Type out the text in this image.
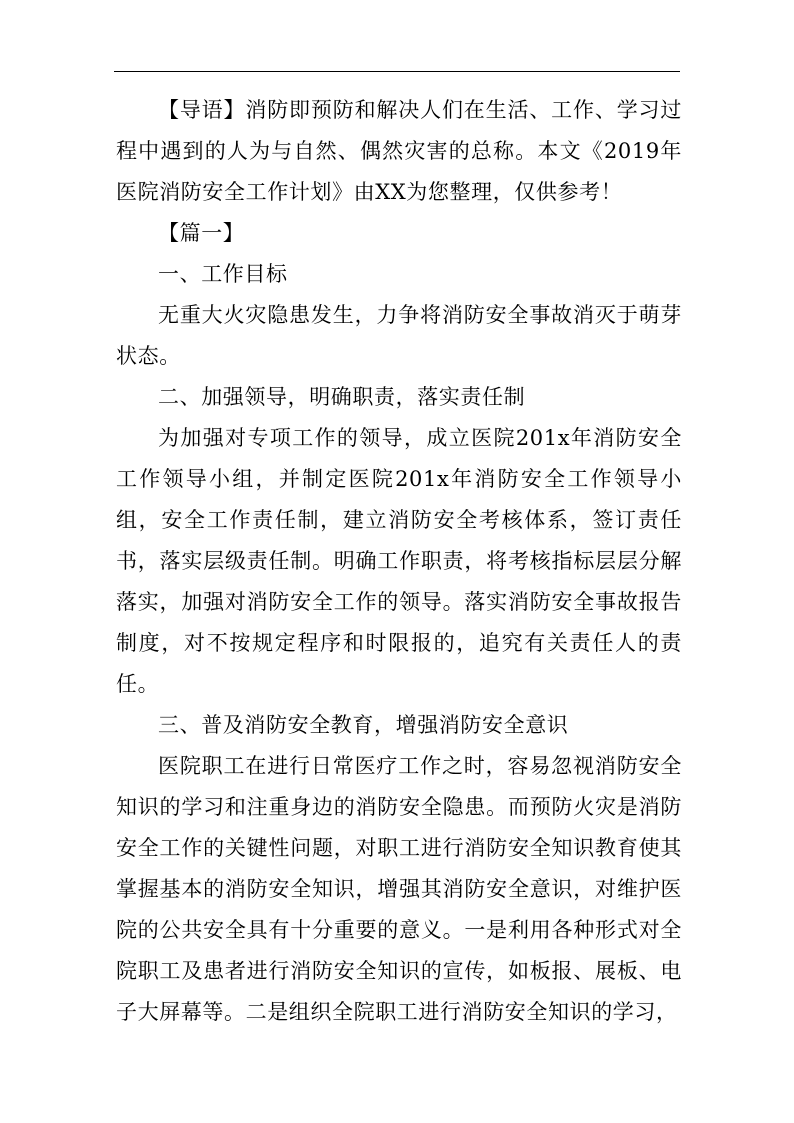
【导语】消防即预防和解决人们在生活、工作、学习过程中遇到的人为与自然、偶然灾害的总称。本文《2019年医院消防安全工作计划》由XX为您整理，仅供参考！

【篇一】

一、工作目标

无重大火灾隐患发生，力争将消防安全事故消灭于萌芽状态。

二、加强领导，明确职责，落实责任制

为加强对专项工作的领导，成立医院201x年消防安全工作领导小组，并制定医院201x年消防安全工作领导小组，安全工作责任制，建立消防安全考核体系，签订责任书，落实层级责任制。明确工作职责，将考核指标层层分解落实，加强对消防安全工作的领导。落实消防安全事故报告制度，对不按规定程序和时限报的，追究有关责任人的责任。

三、普及消防安全教育，增强消防安全意识

医院职工在进行日常医疗工作之时，容易忽视消防安全知识的学习和注重身边的消防安全隐患。而预防火灾是消防安全工作的关键性问题，对职工进行消防安全知识教育使其掌握基本的消防安全知识，增强其消防安全意识，对维护医院的公共安全具有十分重要的意义。一是利用各种形式对全院职工及患者进行消防安全知识的宣传，如板报、展板、电子大屏幕等。二是组织全院职工进行消防安全知识的学习，
